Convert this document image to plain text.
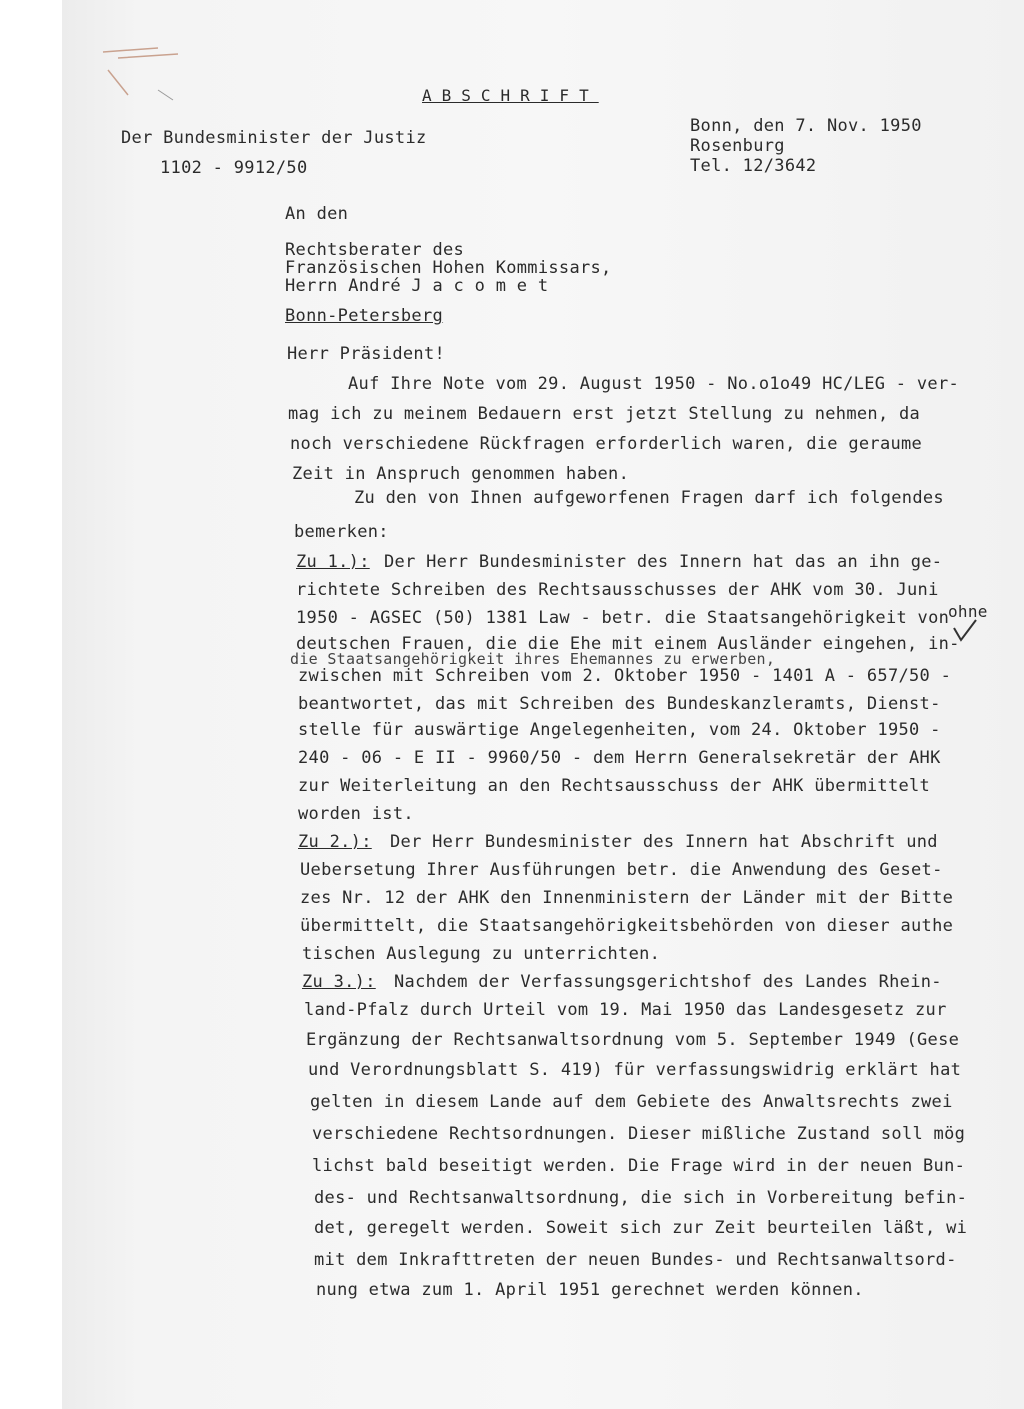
ABSCHRIFT
Der Bundesminister der Justiz
1102 - 9912/50
Bonn, den 7. Nov. 1950
Rosenburg
Tel. 12/3642
An den
Rechtsberater des
Französischen Hohen Kommissars,
Herrn André J a c o m e t
Bonn-Petersberg
Herr Präsident!
Auf Ihre Note vom 29. August 1950 - No.o1o49 HC/LEG - ver-
mag ich zu meinem Bedauern erst jetzt Stellung zu nehmen, da
noch verschiedene Rückfragen erforderlich waren, die geraume
Zeit in Anspruch genommen haben.
Zu den von Ihnen aufgeworfenen Fragen darf ich folgendes
bemerken:
Zu 1.): Der Herr Bundesminister des Innern hat das an ihn ge-
richtete Schreiben des Rechtsausschusses der AHK vom 30. Juni
1950 - AGSEC (50) 1381 Law - betr. die Staatsangehörigkeit von
ohne
deutschen Frauen, die die Ehe mit einem Ausländer eingehen, in-
die Staatsangehörigkeit ihres Ehemannes zu erwerben,
zwischen mit Schreiben vom 2. Oktober 1950 - 1401 A - 657/50 -
beantwortet, das mit Schreiben des Bundeskanzleramts, Dienst-
stelle für auswärtige Angelegenheiten, vom 24. Oktober 1950 -
240 - 06 - E II - 9960/50 - dem Herrn Generalsekretär der AHK
zur Weiterleitung an den Rechtsausschuss der AHK übermittelt
worden ist.
Zu 2.): Der Herr Bundesminister des Innern hat Abschrift und
Uebersetung Ihrer Ausführungen betr. die Anwendung des Geset-
zes Nr. 12 der AHK den Innenministern der Länder mit der Bitte
übermittelt, die Staatsangehörigkeitsbehörden von dieser authe
tischen Auslegung zu unterrichten.
Zu 3.): Nachdem der Verfassungsgerichtshof des Landes Rhein-
land-Pfalz durch Urteil vom 19. Mai 1950 das Landesgesetz zur
Ergänzung der Rechtsanwaltsordnung vom 5. September 1949 (Gese
und Verordnungsblatt S. 419) für verfassungswidrig erklärt hat
gelten in diesem Lande auf dem Gebiete des Anwaltsrechts zwei
verschiedene Rechtsordnungen. Dieser mißliche Zustand soll mög
lichst bald beseitigt werden. Die Frage wird in der neuen Bun-
des- und Rechtsanwaltsordnung, die sich in Vorbereitung befin-
det, geregelt werden. Soweit sich zur Zeit beurteilen läßt, wi
mit dem Inkrafttreten der neuen Bundes- und Rechtsanwaltsord-
nung etwa zum 1. April 1951 gerechnet werden können.
